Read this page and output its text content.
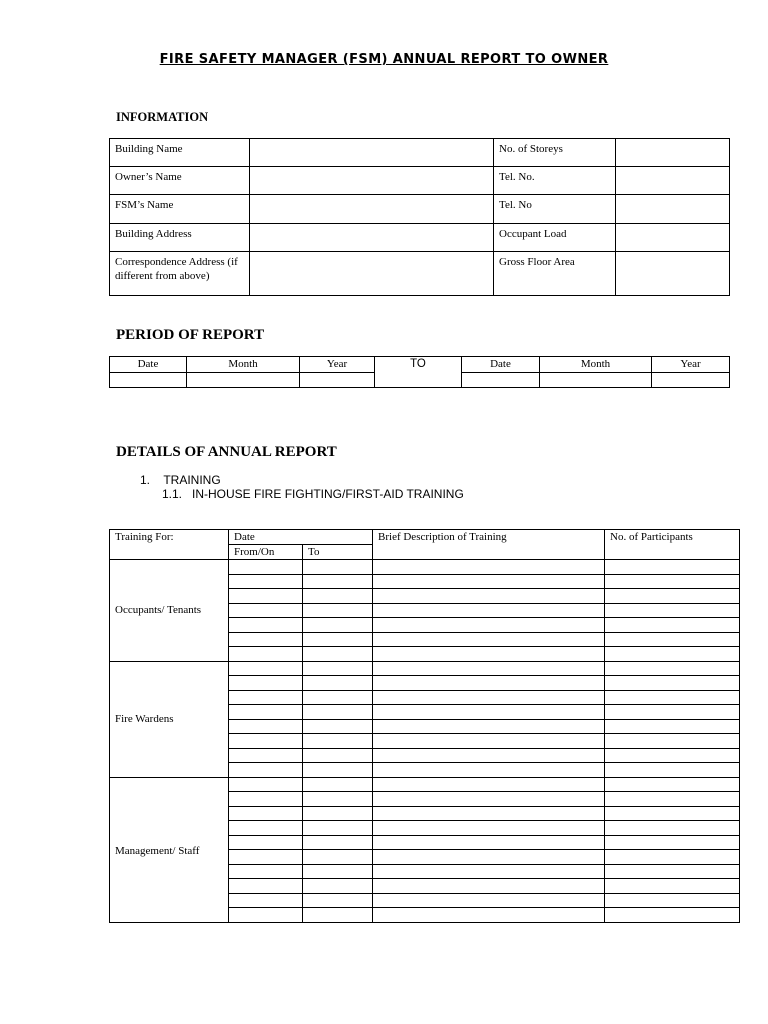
FIRE SAFETY MANAGER (FSM) ANNUAL REPORT TO OWNER
INFORMATION
Building Name		No. of Storeys	

Owner’s Name		Tel. No.	

FSM’s Name		Tel. No	

Building Address		Occupant Load	

Correspondence Address (if different from above)		Gross Floor Area	

PERIOD OF REPORT
Date	Month	Year	TO	Date	Month	Year

DETAILS OF ANNUAL REPORT
1.    TRAINING
1.1.   IN-HOUSE FIRE FIGHTING/FIRST-AID TRAINING
Training For:	Date		Brief Description of Training	No. of Participants

	From/On	To		

Occupants/ Tenants				

Fire Wardens				

Management/ Staff				
